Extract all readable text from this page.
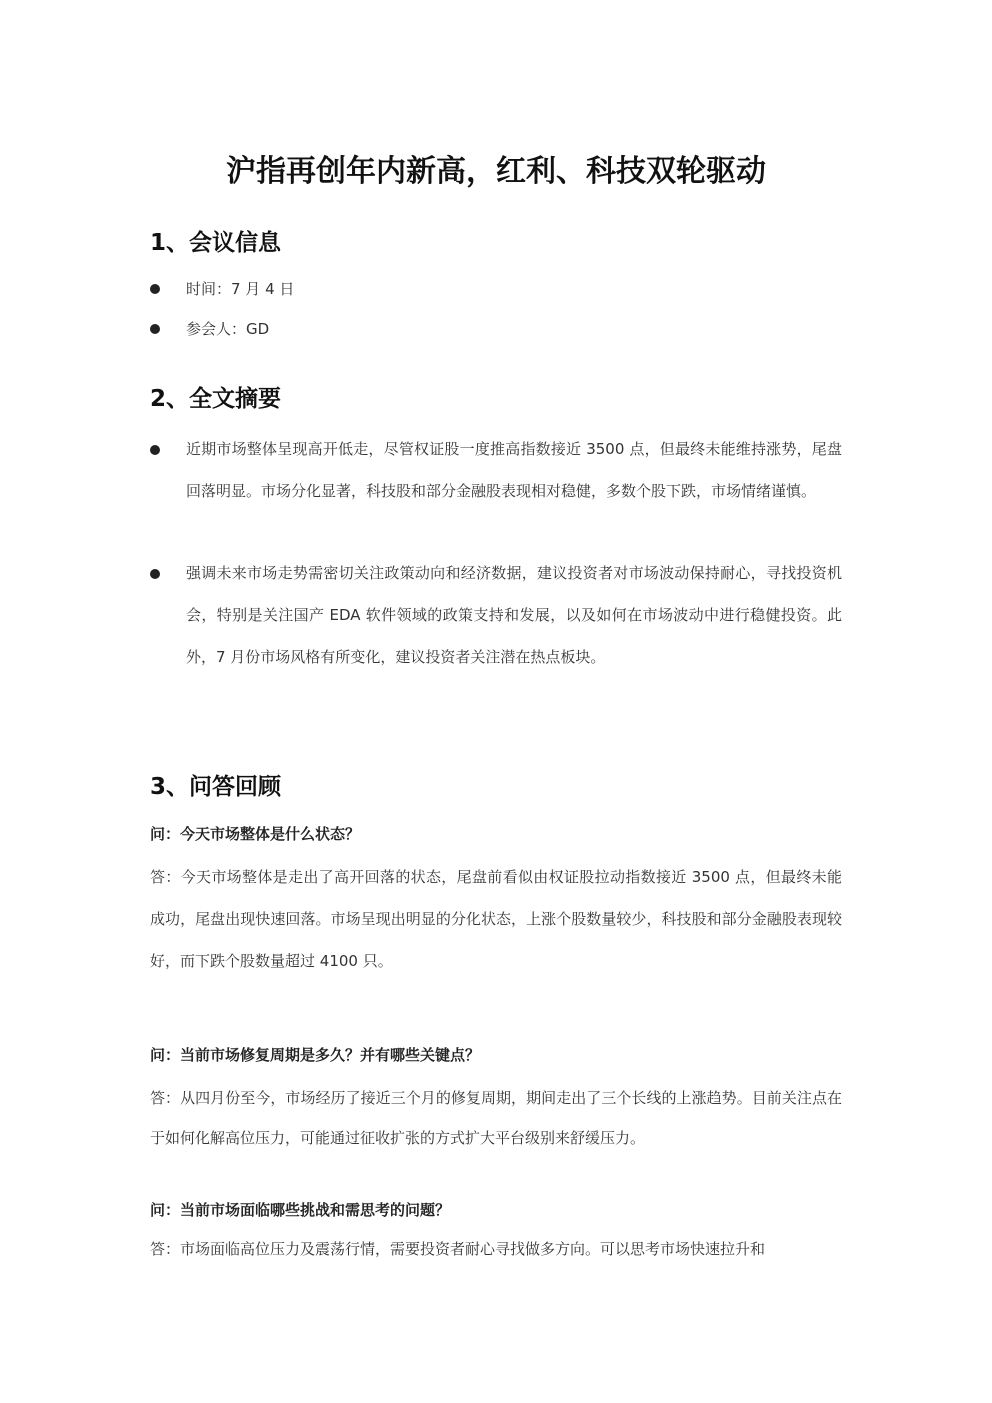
沪指再创年内新高，红利、科技双轮驱动
1、会议信息
时间：7 月 4 日
参会人：GD
2、全文摘要
近期市场整体呈现高开低走，尽管权证股一度推高指数接近 3500 点，但最终未能维持涨势，尾盘回落明显。市场分化显著，科技股和部分金融股表现相对稳健，多数个股下跌，市场情绪谨慎。
强调未来市场走势需密切关注政策动向和经济数据，建议投资者对市场波动保持耐心，寻找投资机会，特别是关注国产 EDA 软件领域的政策支持和发展，以及如何在市场波动中进行稳健投资。此外，7 月份市场风格有所变化，建议投资者关注潜在热点板块。
3、问答回顾
问：今天市场整体是什么状态？
答：今天市场整体是走出了高开回落的状态，尾盘前看似由权证股拉动指数接近 3500 点，但最终未能成功，尾盘出现快速回落。市场呈现出明显的分化状态，上涨个股数量较少，科技股和部分金融股表现较好，而下跌个股数量超过 4100 只。
问：当前市场修复周期是多久？并有哪些关键点？
答：从四月份至今，市场经历了接近三个月的修复周期，期间走出了三个长线的上涨趋势。目前关注点在于如何化解高位压力，可能通过征收扩张的方式扩大平台级别来舒缓压力。
问：当前市场面临哪些挑战和需思考的问题？
答：市场面临高位压力及震荡行情，需要投资者耐心寻找做多方向。可以思考市场快速拉升和
